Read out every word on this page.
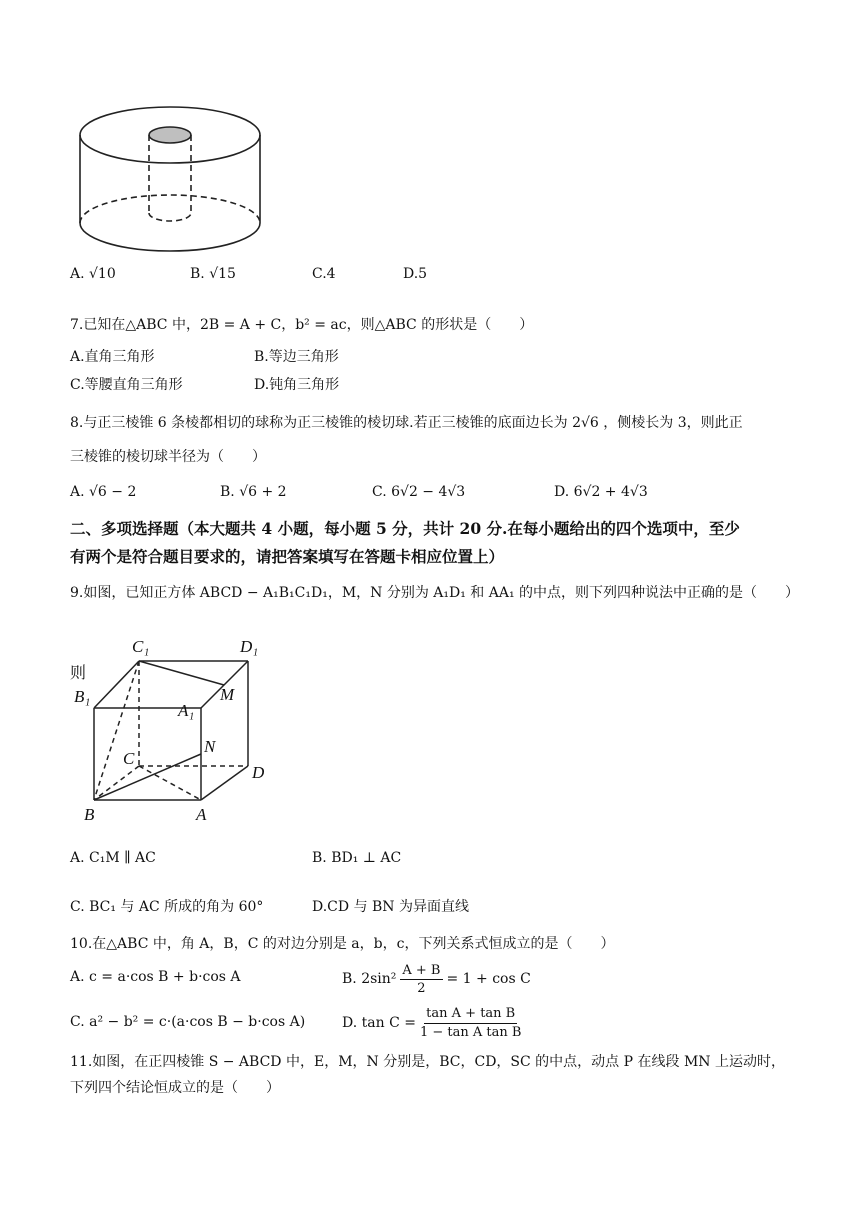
A. √10	B. √15	C.4	D.5
7.已知在△ABC 中，2B = A + C，b² = ac，则△ABC 的形状是（　　）
A.直角三角形	B.等边三角形
C.等腰直角三角形	D.钝角三角形
8.与正三棱锥 6 条棱都相切的球称为正三棱锥的棱切球.若正三棱锥的底面边长为 2√6 ，侧棱长为 3，则此正
三棱锥的棱切球半径为（　　）
A. √6 − 2	B. √6 + 2	C. 6√2 − 4√3	D. 6√2 + 4√3
二、多项选择题（本大题共 4 小题，每小题 5 分，共计 20 分.在每小题给出的四个选项中，至少
有两个是符合题目要求的，请把答案填写在答题卡相应位置上）
9.如图，已知正方体 ABCD − A₁B₁C₁D₁，M，N 分别为 A₁D₁ 和 AA₁ 的中点，则下列四种说法中正确的是（　　）
则
C₁	D₁
B₁
A₁
M
N
C
D
B	A
A. C₁M ∥ AC	B. BD₁ ⊥ AC
C. BC₁ 与 AC 所成的角为 60°	D.CD 与 BN 为异面直线
10.在△ABC 中，角 A，B，C 的对边分别是 a，b，c，下列关系式恒成立的是（　　）
A. c = a·cos B + b·cos A	B. $2\sin^2 \frac{A + B}{2} = 1 + \cos C$
C. a² − b² = c·(a·cos B − b·cos A)	D. $\tan C = \frac{\text{tan A + tan B}}{\text{1 − tan A tan B}}$
11.如图，在正四棱锥 S − ABCD 中，E，M，N 分别是，BC，CD，SC 的中点，动点 P 在线段 MN 上运动时，
下列四个结论恒成立的是（　　）
